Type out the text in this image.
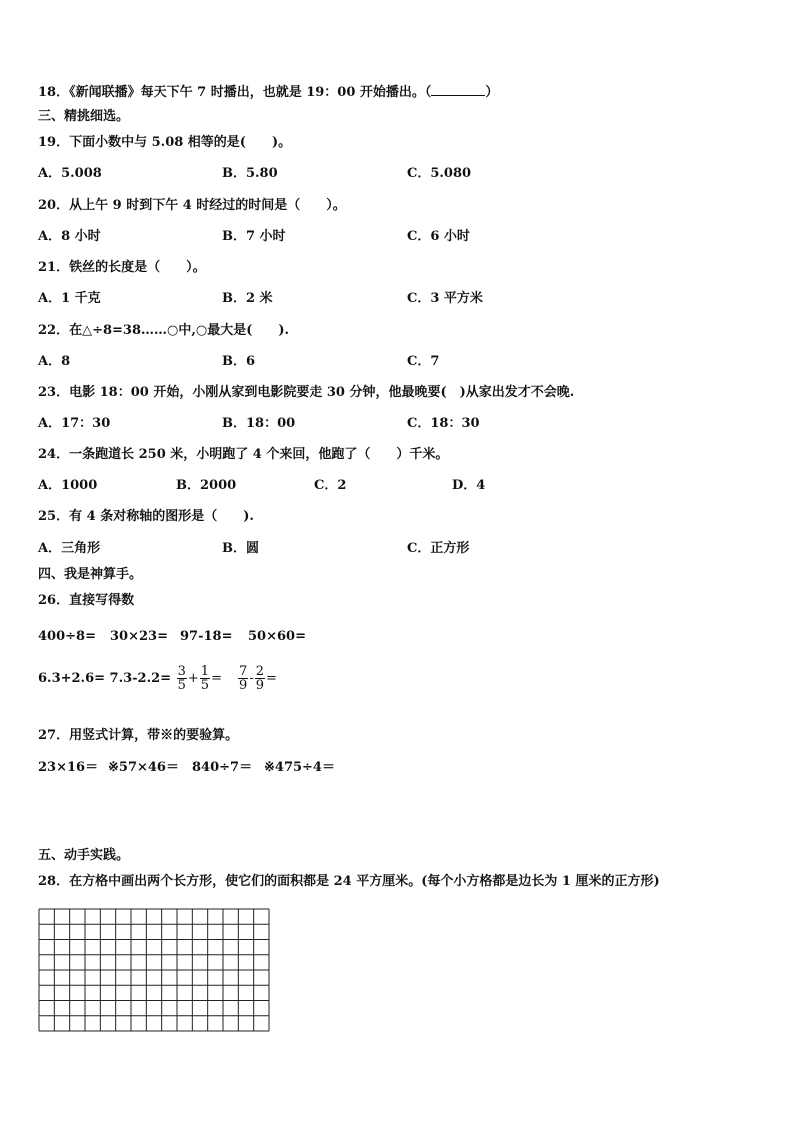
18．《新闻联播》每天下午 7 时播出，也就是 19：00 开始播出。（	）
三、精挑细选。
19．下面小数中与 5.08 相等的是(　　)。
A．5.008	B．5.80	C．5.080
20．从上午 9 时到下午 4 时经过的时间是（　　）。
A．8 小时	B．7 小时	C．6 小时
21．铁丝的长度是（　　）。
A．1 千克	B．2 米	C．3 平方米
22．在△÷8=38……○中,○最大是(　　).
A．8	B．6	C．7
23．电影 18：00 开始，小刚从家到电影院要走 30 分钟，他最晚要(　)从家出发才不会晚.
A．17：30	B．18：00	C．18：30
24．一条跑道长 250 米，小明跑了 4 个来回，他跑了（　　）千米。
A．1000	B．2000	C．2	D．4
25．有 4 条对称轴的图形是（　　).
A．三角形	B．圆	C．正方形
四、我是神算手。
26．直接写得数
400÷8= 30×23= 97-18= 50×60=
$6.3+2.6= 7.3-2.2= \frac{3}{5} + \frac{1}{5} = \frac{7}{9} - \frac{2}{9}$ =
27．用竖式计算，带※的要验算。
23×16＝ ※57×46＝ 840÷7＝ ※475÷4＝
五、动手实践。
28．在方格中画出两个长方形，使它们的面积都是 24 平方厘米。(每个小方格都是边长为 1 厘米的正方形)
